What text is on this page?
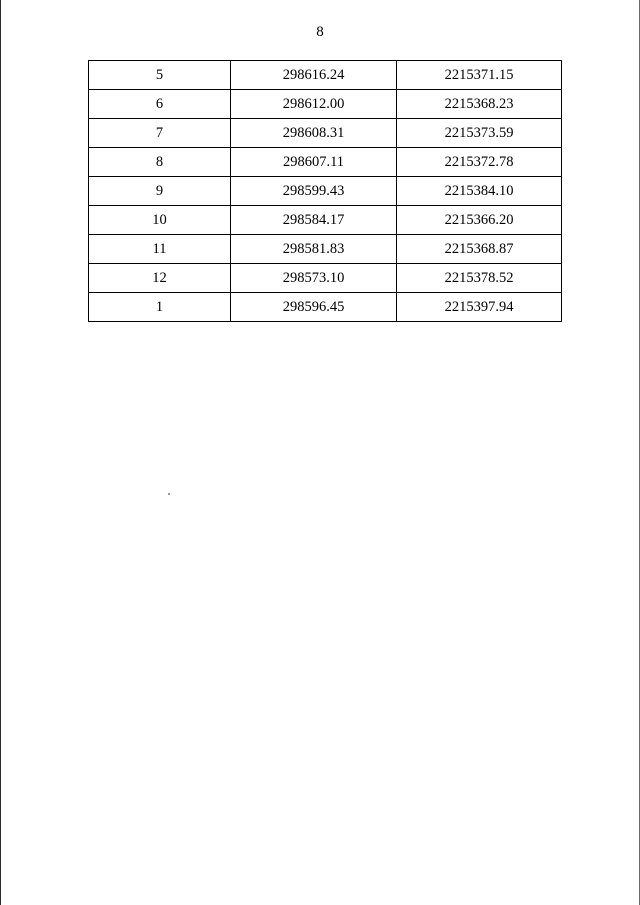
8
5	298616.24	2215371.15
6	298612.00	2215368.23
7	298608.31	2215373.59
8	298607.11	2215372.78
9	298599.43	2215384.10
10	298584.17	2215366.20
11	298581.83	2215368.87
12	298573.10	2215378.52
1	298596.45	2215397.94
